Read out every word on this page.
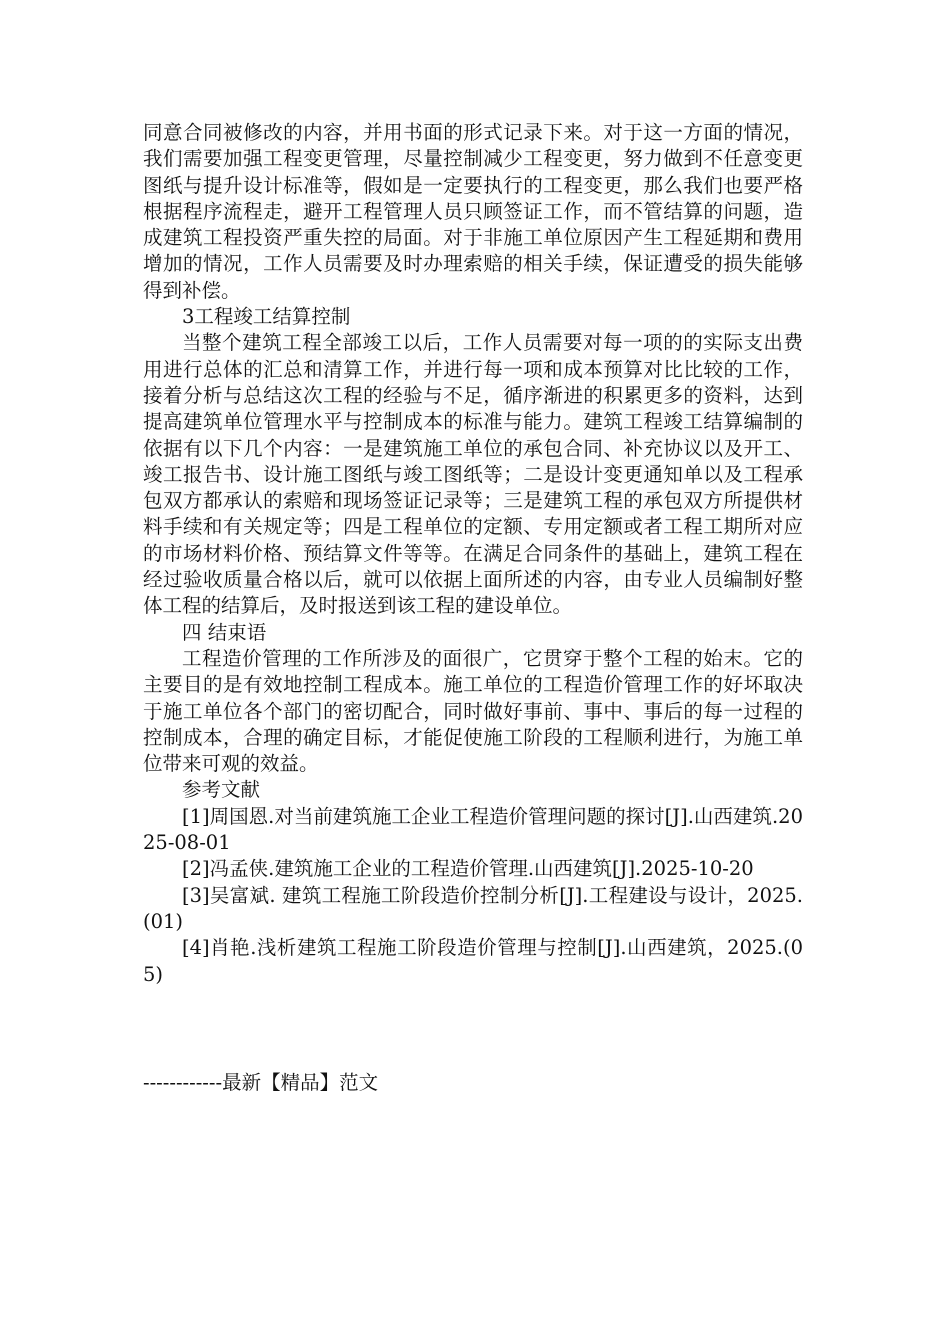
同意合同被修改的内容，并用书面的形式记录下来。对于这一方面的情况，我们需要加强工程变更管理，尽量控制减少工程变更，努力做到不任意变更图纸与提升设计标准等，假如是一定要执行的工程变更，那么我们也要严格根据程序流程走，避开工程管理人员只顾签证工作，而不管结算的问题，造成建筑工程投资严重失控的局面。对于非施工单位原因产生工程延期和费用增加的情况，工作人员需要及时办理索赔的相关手续，保证遭受的损失能够得到补偿。

3工程竣工结算控制

当整个建筑工程全部竣工以后，工作人员需要对每一项的的实际支出费用进行总体的汇总和清算工作，并进行每一项和成本预算对比比较的工作，接着分析与总结这次工程的经验与不足，循序渐进的积累更多的资料，达到提高建筑单位管理水平与控制成本的标准与能力。建筑工程竣工结算编制的依据有以下几个内容：一是建筑施工单位的承包合同、补充协议以及开工、竣工报告书、设计施工图纸与竣工图纸等；二是设计变更通知单以及工程承包双方都承认的索赔和现场签证记录等；三是建筑工程的承包双方所提供材料手续和有关规定等；四是工程单位的定额、专用定额或者工程工期所对应的市场材料价格、预结算文件等等。在满足合同条件的基础上，建筑工程在经过验收质量合格以后，就可以依据上面所述的内容，由专业人员编制好整体工程的结算后，及时报送到该工程的建设单位。

四 结束语

工程造价管理的工作所涉及的面很广，它贯穿于整个工程的始末。它的主要目的是有效地控制工程成本。施工单位的工程造价管理工作的好坏取决于施工单位各个部门的密切配合，同时做好事前、事中、事后的每一过程的控制成本，合理的确定目标，才能促使施工阶段的工程顺利进行，为施工单位带来可观的效益。

参考文献

[1]周国恩.对当前建筑施工企业工程造价管理问题的探讨[J].山西建筑.2025-08-01

[2]冯孟侠.建筑施工企业的工程造价管理.山西建筑[J].2025-10-20

[3]吴富斌. 建筑工程施工阶段造价控制分析[J].工程建设与设计，2025.(01)

[4]肖艳.浅析建筑工程施工阶段造价管理与控制[J].山西建筑，2025.(05)

------------最新【精品】范文
